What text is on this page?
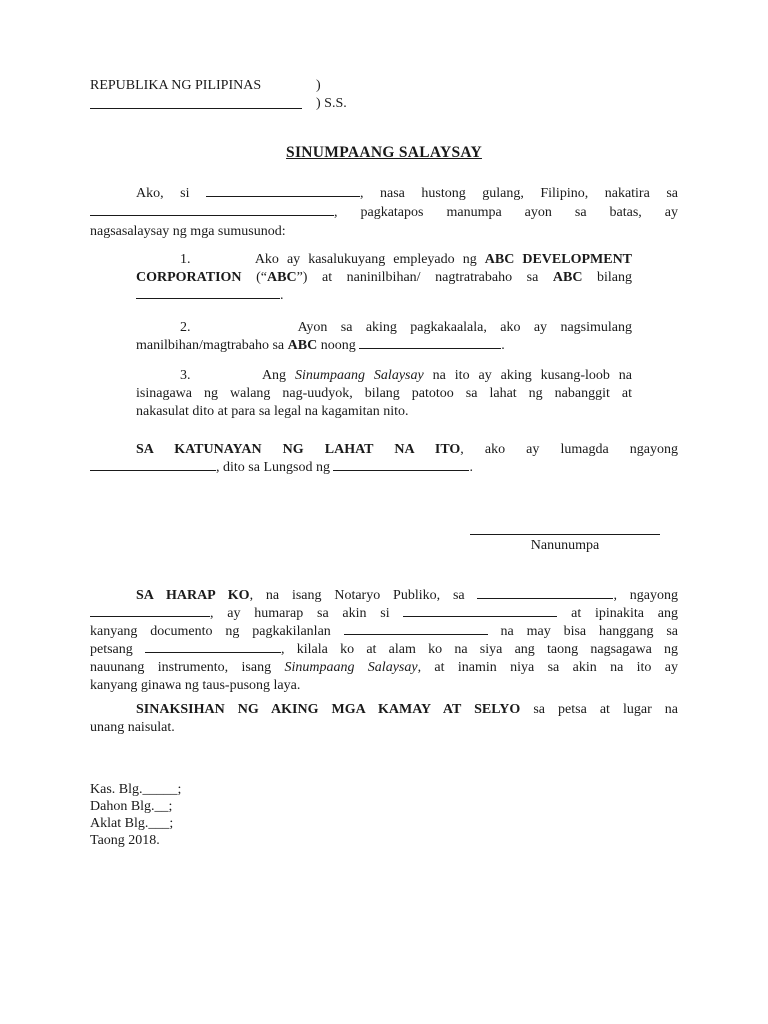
REPUBLIKA NG PILIPINAS	)
) S.S.
SINUMPAANG SALAYSAY
Ako, si	, nasa hustong gulang, Filipino, nakatira sa
, pagkatapos manumpa ayon sa batas, ay
nagsasalaysay ng mga sumusunod:
1.	Ako ay kasalukuyang empleyado ng ABC DEVELOPMENT
CORPORATION (“ABC”) at naninilbihan/ nagtratrabaho sa ABC bilang
.
2.	Ayon sa aking pagkakaalala, ako ay nagsimulang
manilbihan/magtrabaho sa ABC noong	.
3.	Ang Sinumpaang Salaysay na ito ay aking kusang-loob na
isinagawa ng walang nag-uudyok, bilang patotoo sa lahat ng nabanggit at
nakasulat dito at para sa legal na kagamitan nito.
SA KATUNAYAN NG LAHAT NA ITO, ako ay lumagda ngayong
, dito sa Lungsod ng	.
Nanunumpa
SA HARAP KO, na isang Notaryo Publiko, sa	, ngayong
, ay humarap sa akin si	at ipinakita ang
kanyang documento ng pagkakilanlan	na may bisa hanggang sa
petsang	, kilala ko at alam ko na siya ang taong nagsagawa ng
nauunang instrumento, isang Sinumpaang Salaysay, at inamin niya sa akin na ito ay
kanyang ginawa ng taus-pusong laya.
SINAKSIHAN NG AKING MGA KAMAY AT SELYO sa petsa at lugar na
unang naisulat.
Kas. Blg._____;
Dahon Blg.__;
Aklat Blg.___;
Taong 2018.
